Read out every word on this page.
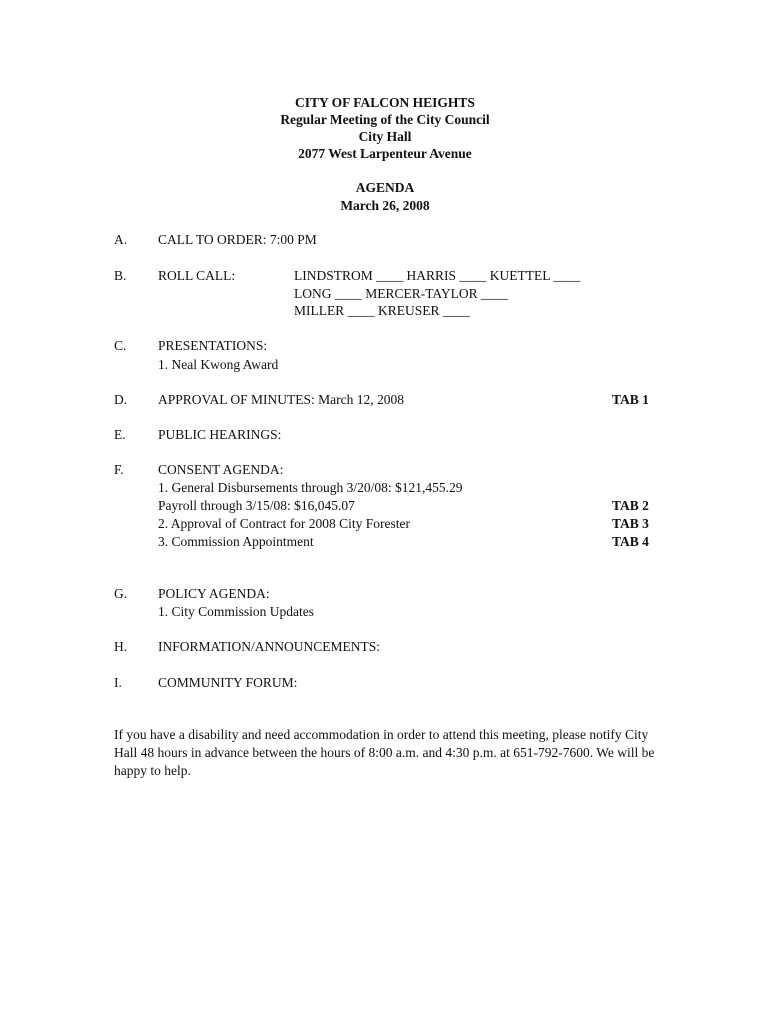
CITY OF FALCON HEIGHTS
Regular Meeting of the City Council
City Hall
2077 West Larpenteur Avenue
AGENDA
March 26, 2008
A. CALL TO ORDER: 7:00 PM
B. ROLL CALL:	LINDSTROM ____ HARRIS ____ KUETTEL ____
LONG ____ MERCER-TAYLOR ____
MILLER ____ KREUSER ____
C. PRESENTATIONS:
1. Neal Kwong Award
D. APPROVAL OF MINUTES: March 12, 2008	TAB 1
E. PUBLIC HEARINGS:
F.	CONSENT AGENDA:
1. General Disbursements through 3/20/08: $121,455.29
Payroll through 3/15/08: $16,045.07	TAB 2
2. Approval of Contract for 2008 City Forester	TAB 3
3. Commission Appointment	TAB 4
G. POLICY AGENDA:
1. City Commission Updates
H. INFORMATION/ANNOUNCEMENTS:
I.	COMMUNITY FORUM:
If you have a disability and need accommodation in order to attend this meeting, please notify City Hall 48 hours in advance between the hours of 8:00 a.m. and 4:30 p.m. at 651-792-7600. We will be happy to help.
